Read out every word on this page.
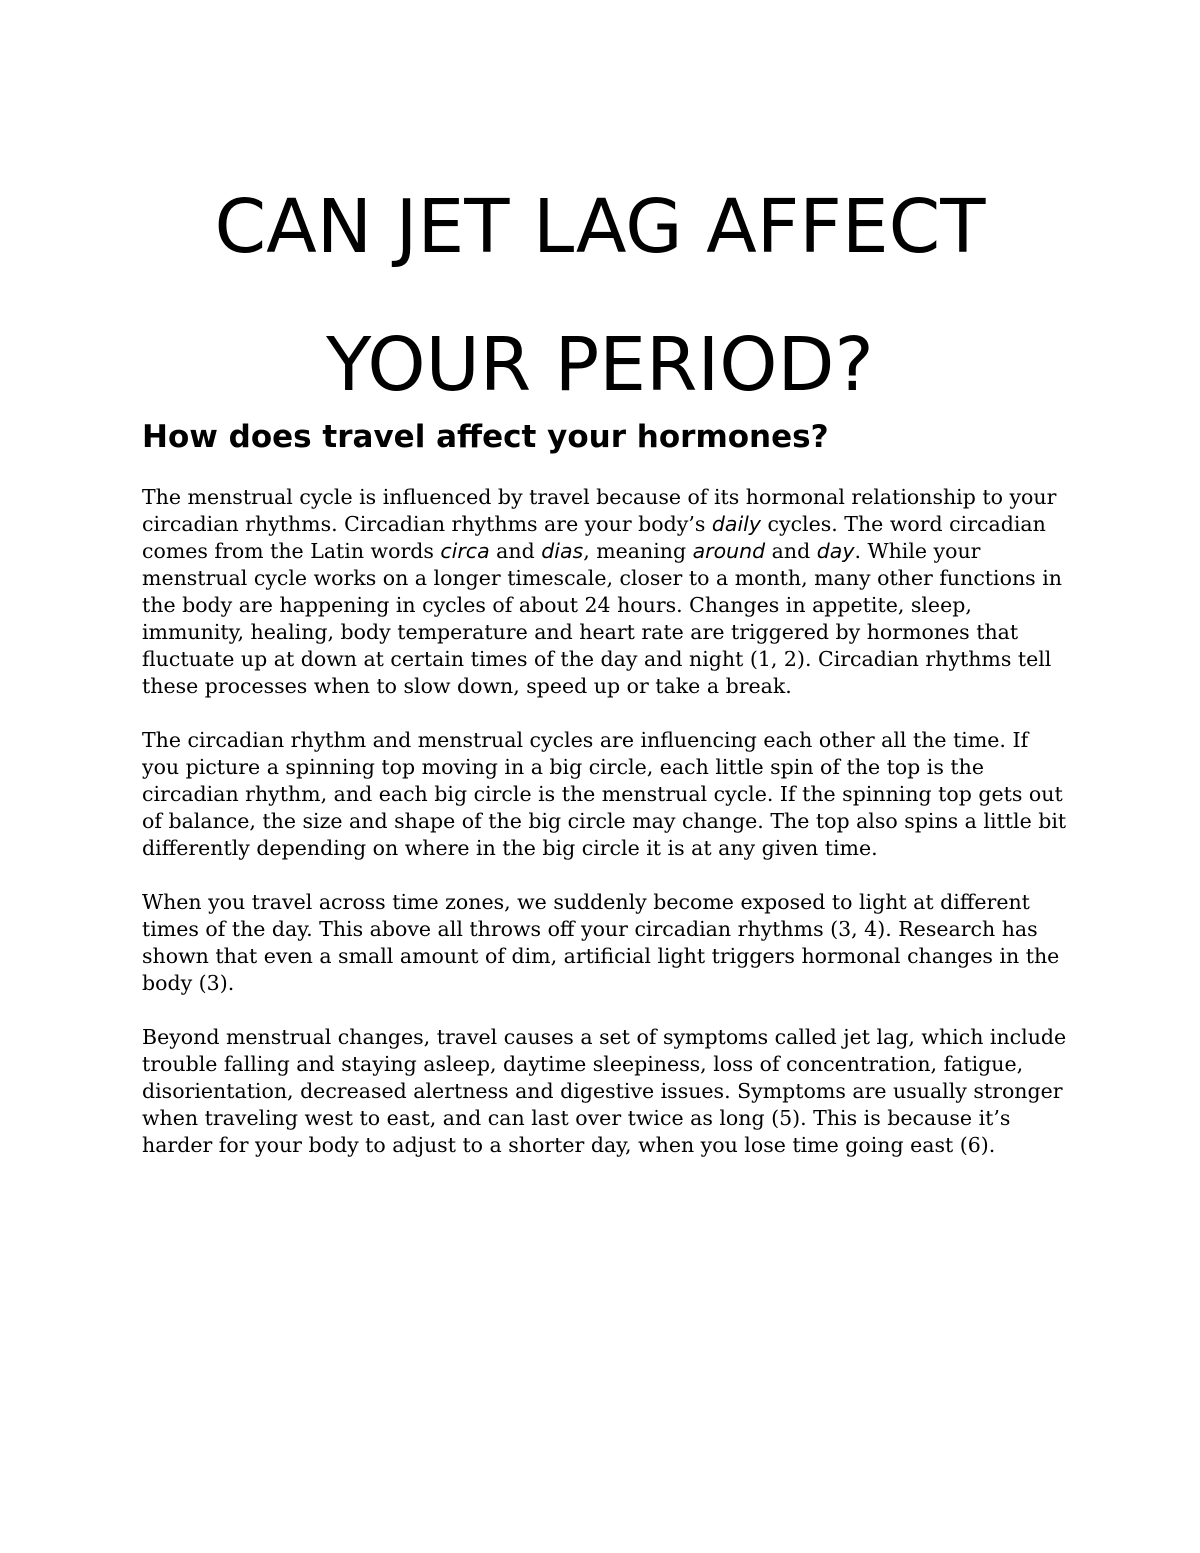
CAN JET LAG AFFECT
YOUR PERIOD?
How does travel affect your hormones?

The menstrual cycle is influenced by travel because of its hormonal relationship to your
circadian rhythms. Circadian rhythms are your body’s daily cycles. The word circadian
comes from the Latin words circa and dias, meaning around and day. While your
menstrual cycle works on a longer timescale, closer to a month, many other functions in
the body are happening in cycles of about 24 hours. Changes in appetite, sleep,
immunity, healing, body temperature and heart rate are triggered by hormones that
fluctuate up at down at certain times of the day and night (1, 2). Circadian rhythms tell
these processes when to slow down, speed up or take a break.

The circadian rhythm and menstrual cycles are influencing each other all the time. If
you picture a spinning top moving in a big circle, each little spin of the top is the
circadian rhythm, and each big circle is the menstrual cycle. If the spinning top gets out
of balance, the size and shape of the big circle may change. The top also spins a little bit
differently depending on where in the big circle it is at any given time.

When you travel across time zones, we suddenly become exposed to light at different
times of the day. This above all throws off your circadian rhythms (3, 4). Research has
shown that even a small amount of dim, artificial light triggers hormonal changes in the
body (3).

Beyond menstrual changes, travel causes a set of symptoms called jet lag, which include
trouble falling and staying asleep, daytime sleepiness, loss of concentration, fatigue,
disorientation, decreased alertness and digestive issues. Symptoms are usually stronger
when traveling west to east, and can last over twice as long (5). This is because it’s
harder for your body to adjust to a shorter day, when you lose time going east (6).
